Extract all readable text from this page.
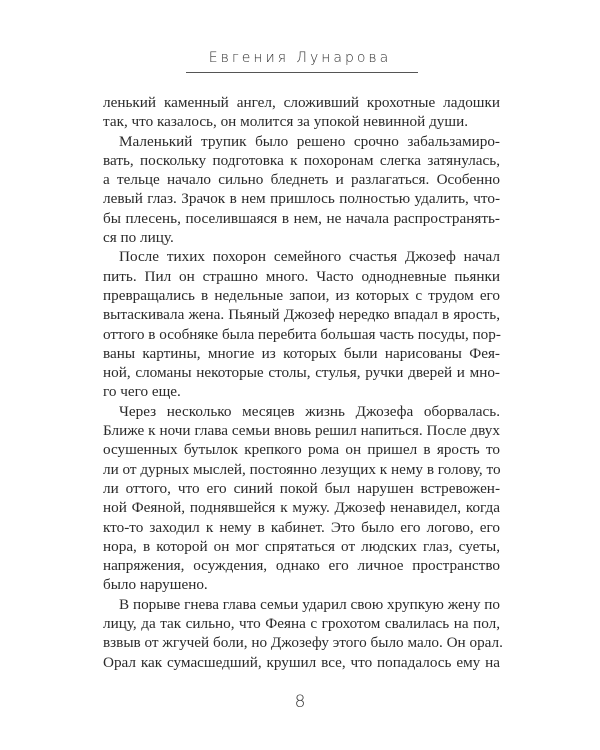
Евгения Лунарова
ленький каменный ангел, сложивший крохотные ладошки
так, что казалось, он молится за упокой невинной души.
Маленький трупик было решено срочно забальзамиро-
вать, поскольку подготовка к похоронам слегка затянулась,
а тельце начало сильно бледнеть и разлагаться. Особенно
левый глаз. Зрачок в нем пришлось полностью удалить, что-
бы плесень, поселившаяся в нем, не начала распространять-
ся по лицу.
После тихих похорон семейного счастья Джозеф начал
пить. Пил он страшно много. Часто однодневные пьянки
превращались в недельные запои, из которых с трудом его
вытаскивала жена. Пьяный Джозеф нередко впадал в ярость,
оттого в особняке была перебита большая часть посуды, пор-
ваны картины, многие из которых были нарисованы Фея-
ной, сломаны некоторые столы, стулья, ручки дверей и мно-
го чего еще.
Через несколько месяцев жизнь Джозефа оборвалась.
Ближе к ночи глава семьи вновь решил напиться. После двух
осушенных бутылок крепкого рома он пришел в ярость то
ли от дурных мыслей, постоянно лезущих к нему в голову, то
ли оттого, что его синий покой был нарушен встревожен-
ной Феяной, поднявшейся к мужу. Джозеф ненавидел, когда
кто-то заходил к нему в кабинет. Это было его логово, его
нора, в которой он мог спрятаться от людских глаз, суеты,
напряжения, осуждения, однако его личное пространство
было нарушено.
В порыве гнева глава семьи ударил свою хрупкую жену по
лицу, да так сильно, что Феяна с грохотом свалилась на пол,
взвыв от жгучей боли, но Джозефу этого было мало. Он орал.
Орал как сумасшедший, крушил все, что попадалось ему на
8
